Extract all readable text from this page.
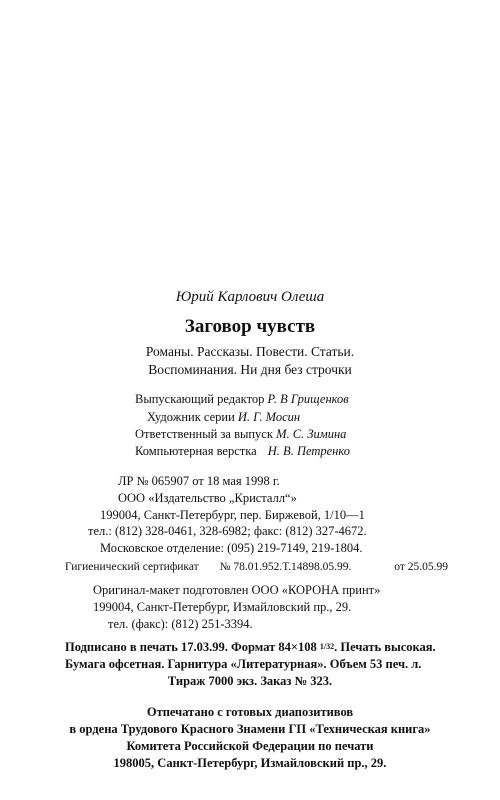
Юрий Карлович Олеша
Заговор чувств
Романы. Рассказы. Повести. Статьи.
Воспоминания. Ни дня без строчки
Выпускающий редактор Р. В Грищенков
Художник серии И. Г. Мосин
Ответственный за выпуск М. С. Зимина
Компьютерная верстка Н. В. Петренко
ЛР № 065907 от 18 мая 1998 г.
ООО «Издательство „Кристалл“»
199004, Санкт-Петербург, пер. Биржевой, 1/10—1
тел.: (812) 328-0461, 328-6982; факс: (812) 327-4672.
Московское отделение: (095) 219-7149, 219-1804.
Гигиенический сертификат № 78.01.952.Т.14898.05.99.	от 25.05.99
Оригинал-макет подготовлен ООО «КОРОНА принт»
199004, Санкт-Петербург, Измайловский пр., 29.
тел. (факс): (812) 251-3394.
Подписано в печать 17.03.99. Формат 84×108 $^{1/32}$. Печать высокая.
Бумага офсетная. Гарнитура «Литературная». Объем 53 печ. л.
Тираж 7000 экз. Заказ № 323.
Отпечатано с готовых диапозитивов
в ордена Трудового Красного Знамени ГП «Техническая книга»
Комитета Российской Федерации по печати
198005, Санкт-Петербург, Измайловский пр., 29.
